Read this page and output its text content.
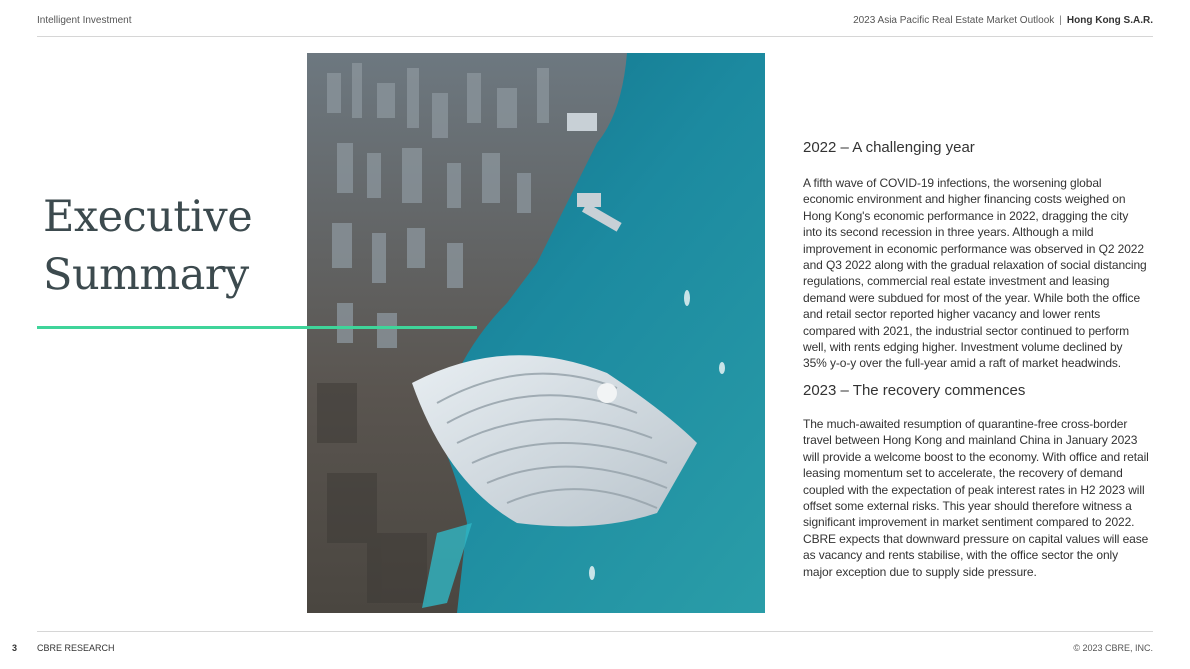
Intelligent Investment	2023 Asia Pacific Real Estate Market Outlook | Hong Kong S.A.R.
Executive
Summary
2022 – A challenging year

A fifth wave of COVID-19 infections, the worsening global economic environment and higher financing costs weighed on Hong Kong's economic performance in 2022, dragging the city into its second recession in three years. Although a mild improvement in economic performance was observed in Q2 2022 and Q3 2022 along with the gradual relaxation of social distancing regulations, commercial real estate investment and leasing demand were subdued for most of the year. While both the office and retail sector reported higher vacancy and lower rents compared with 2021, the industrial sector continued to perform well, with rents edging higher. Investment volume declined by 35% y-o-y over the full-year amid a raft of market headwinds.

2023 – The recovery commences

The much-awaited resumption of quarantine-free cross-border travel between Hong Kong and mainland China in January 2023 will provide a welcome boost to the economy. With office and retail leasing momentum set to accelerate, the recovery of demand coupled with the expectation of peak interest rates in H2 2023 will offset some external risks. This year should therefore witness a significant improvement in market sentiment compared to 2022. CBRE expects that downward pressure on capital values will ease as vacancy and rents stabilise, with the office sector the only major exception due to supply side pressure.

3 CBRE RESEARCH	© 2023 CBRE, INC.
